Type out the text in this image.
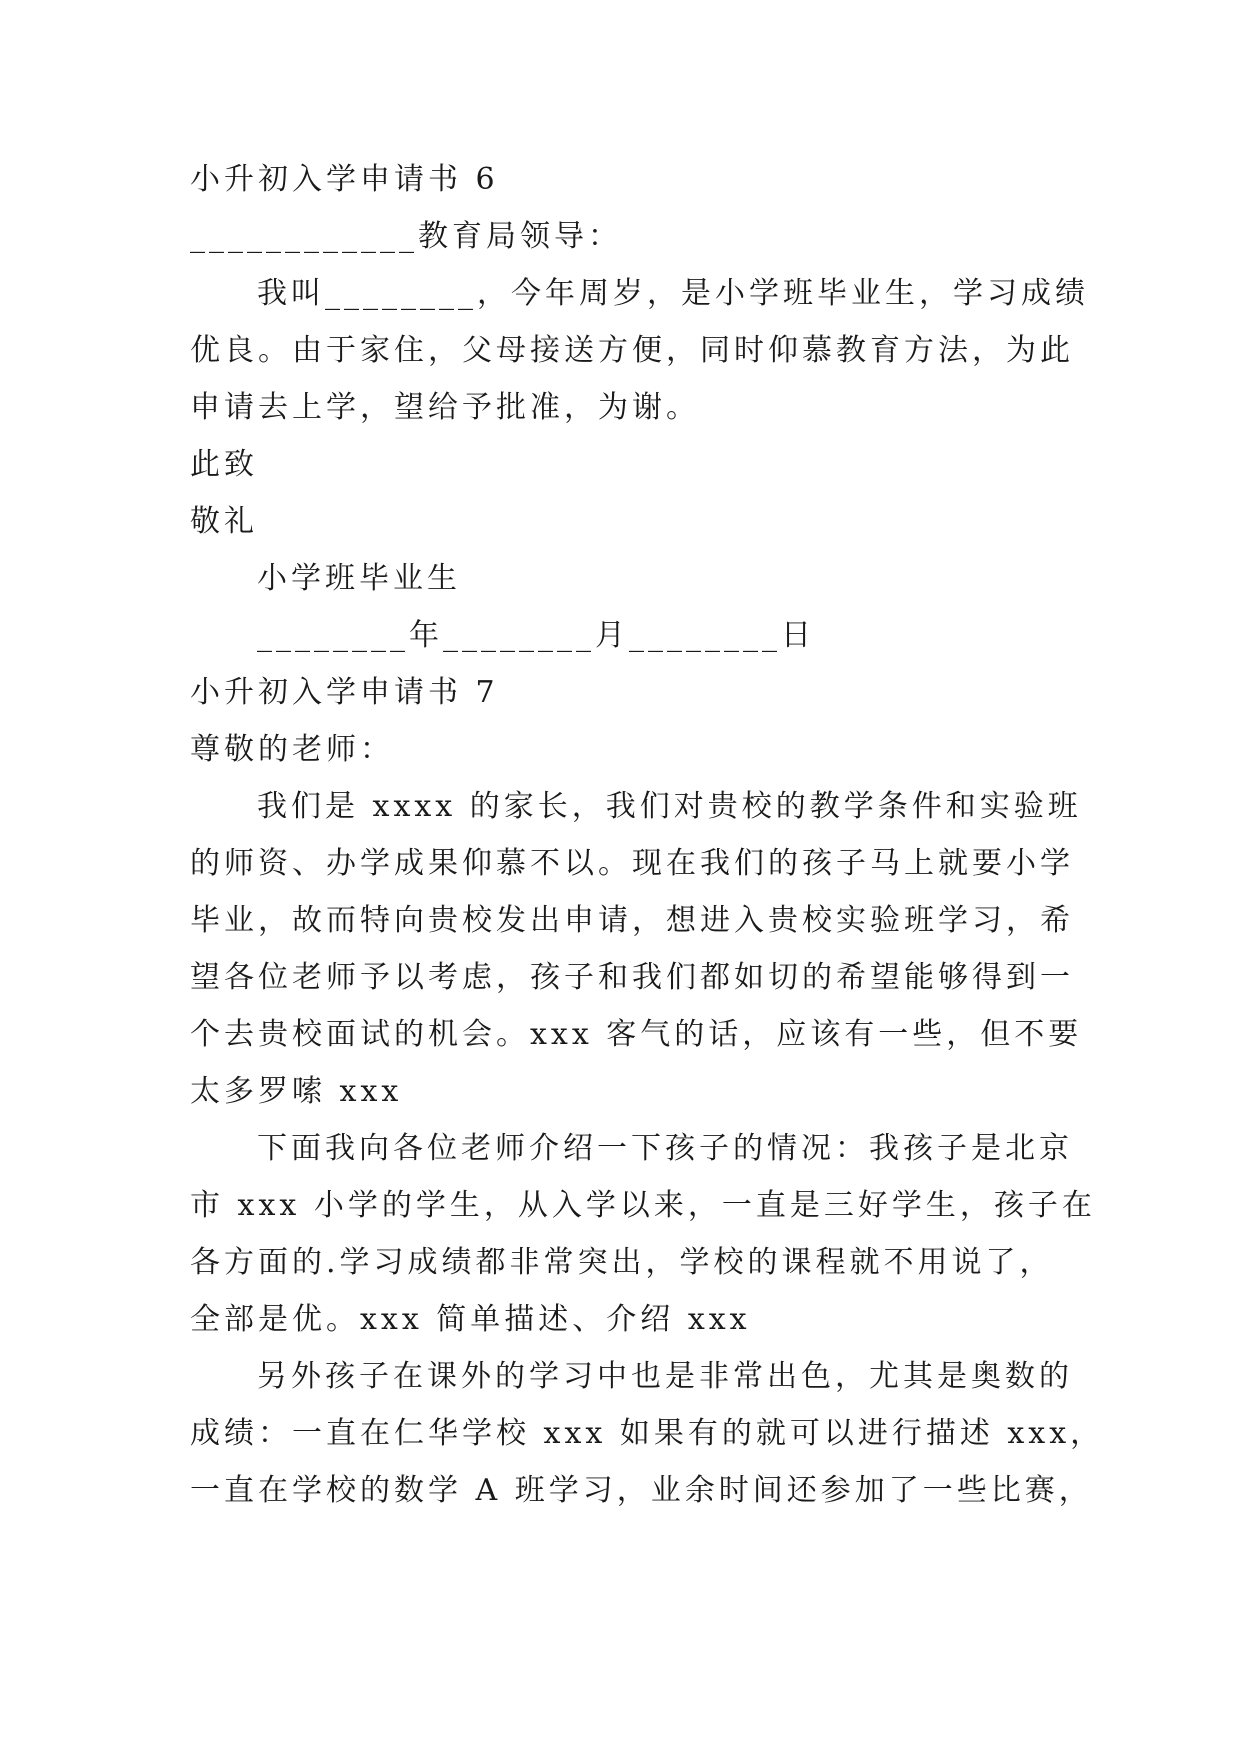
小升初入学申请书 6
____________教育局领导：
我叫________，今年周岁，是小学班毕业生，学习成绩
优良。由于家住，父母接送方便，同时仰慕教育方法，为此
申请去上学，望给予批准，为谢。
此致
敬礼
小学班毕业生
________年________月________日
小升初入学申请书 7
尊敬的老师：
我们是 xxxx 的家长，我们对贵校的教学条件和实验班
的师资、办学成果仰慕不以。现在我们的孩子马上就要小学
毕业，故而特向贵校发出申请，想进入贵校实验班学习，希
望各位老师予以考虑，孩子和我们都如切的希望能够得到一
个去贵校面试的机会。xxx 客气的话，应该有一些，但不要
太多罗嗦 xxx
下面我向各位老师介绍一下孩子的情况：我孩子是北京
市 xxx 小学的学生，从入学以来，一直是三好学生，孩子在
各方面的.学习成绩都非常突出，学校的课程就不用说了，
全部是优。xxx 简单描述、介绍 xxx
另外孩子在课外的学习中也是非常出色，尤其是奥数的
成绩：一直在仁华学校 xxx 如果有的就可以进行描述 xxx，
一直在学校的数学 A 班学习，业余时间还参加了一些比赛，
